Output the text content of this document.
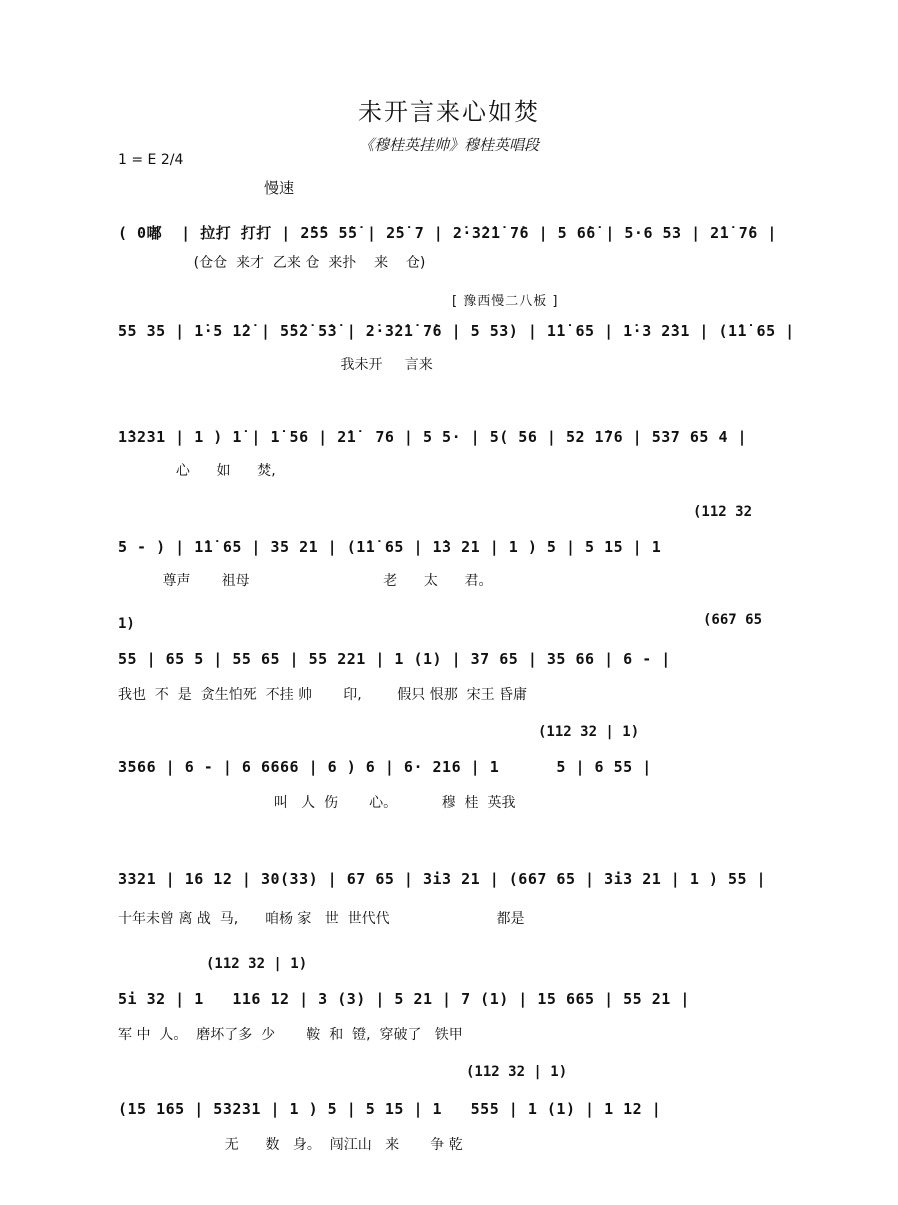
未开言来心如焚
《穆桂英挂帅》穆桂英唱段
1 = E 2/4
慢速
[ 豫西慢二八板 ]
( 0嘟  | 拉打 打打 | 2̇5̇5 5̇5̇ | 2̇5̇ 7 | 2̇·3̇2̇1̇ 7̇6 | 5 6̇6̇ | 5·6 53 | 2̇1̇ 7̇6 |
(仓仓  来才  乙来 仓  来扑    来    仓)
55 35 | 1̇·5 1̇2̇ | 5̇5̇2̇ 5̇3̇ | 2̇·3̇2̇1̇ 7̇6 | 5 53) | 1̇1̇ 65 | 1̇·3 2̇31 | (1̇1̇ 65 |
我未开     言来
1̇3231 | 1 ) 1̇ | 1̇ 56 | 2̇1̇  76 | 5 5· | 5( 56 | 52 1̇76 | 537 65 4 |
心      如      焚,
(112 32
5 - ) | 1̇1̇ 65 | 35 21 | (1̇1̇ 65 | 1̇3 21 | 1 ) 5 | 5 15 | 1
尊声       祖母                              老      太      君。
1)	(667 65
55 | 65 5 | 55 65 | 55 221 | 1 (1) | 37 65 | 35 66 | 6 - |
我也  不  是  贪生怕死  不挂 帅       印,        假只 恨那  宋王 昏庸
(112 32 | 1)
3566 | 6 - | 6 6666 | 6 ) 6 | 6· 216 | 1      5 | 6 55 |
叫   人  伤       心。          穆  桂  英我
3321 | 16 12 | 30(33) | 67 65 | 3i3 21 | (667 65 | 3i3 21 | 1 ) 55 |
十年未曾 离 战  马,      咱杨 家   世  世代代                        都是
(112 32 | 1)
5i 32 | 1   116 12 | 3 (3) | 5 21 | 7 (1) | 15 665 | 55 21 |
军 中  人。  磨坏了多  少       鞍  和  镫,  穿破了   铁甲
(112 32 | 1)
(15 165 | 53231 | 1 ) 5 | 5 15 | 1   555 | 1 (1) | 1 12 |
无      数   身。  闯江山   来       争 乾
